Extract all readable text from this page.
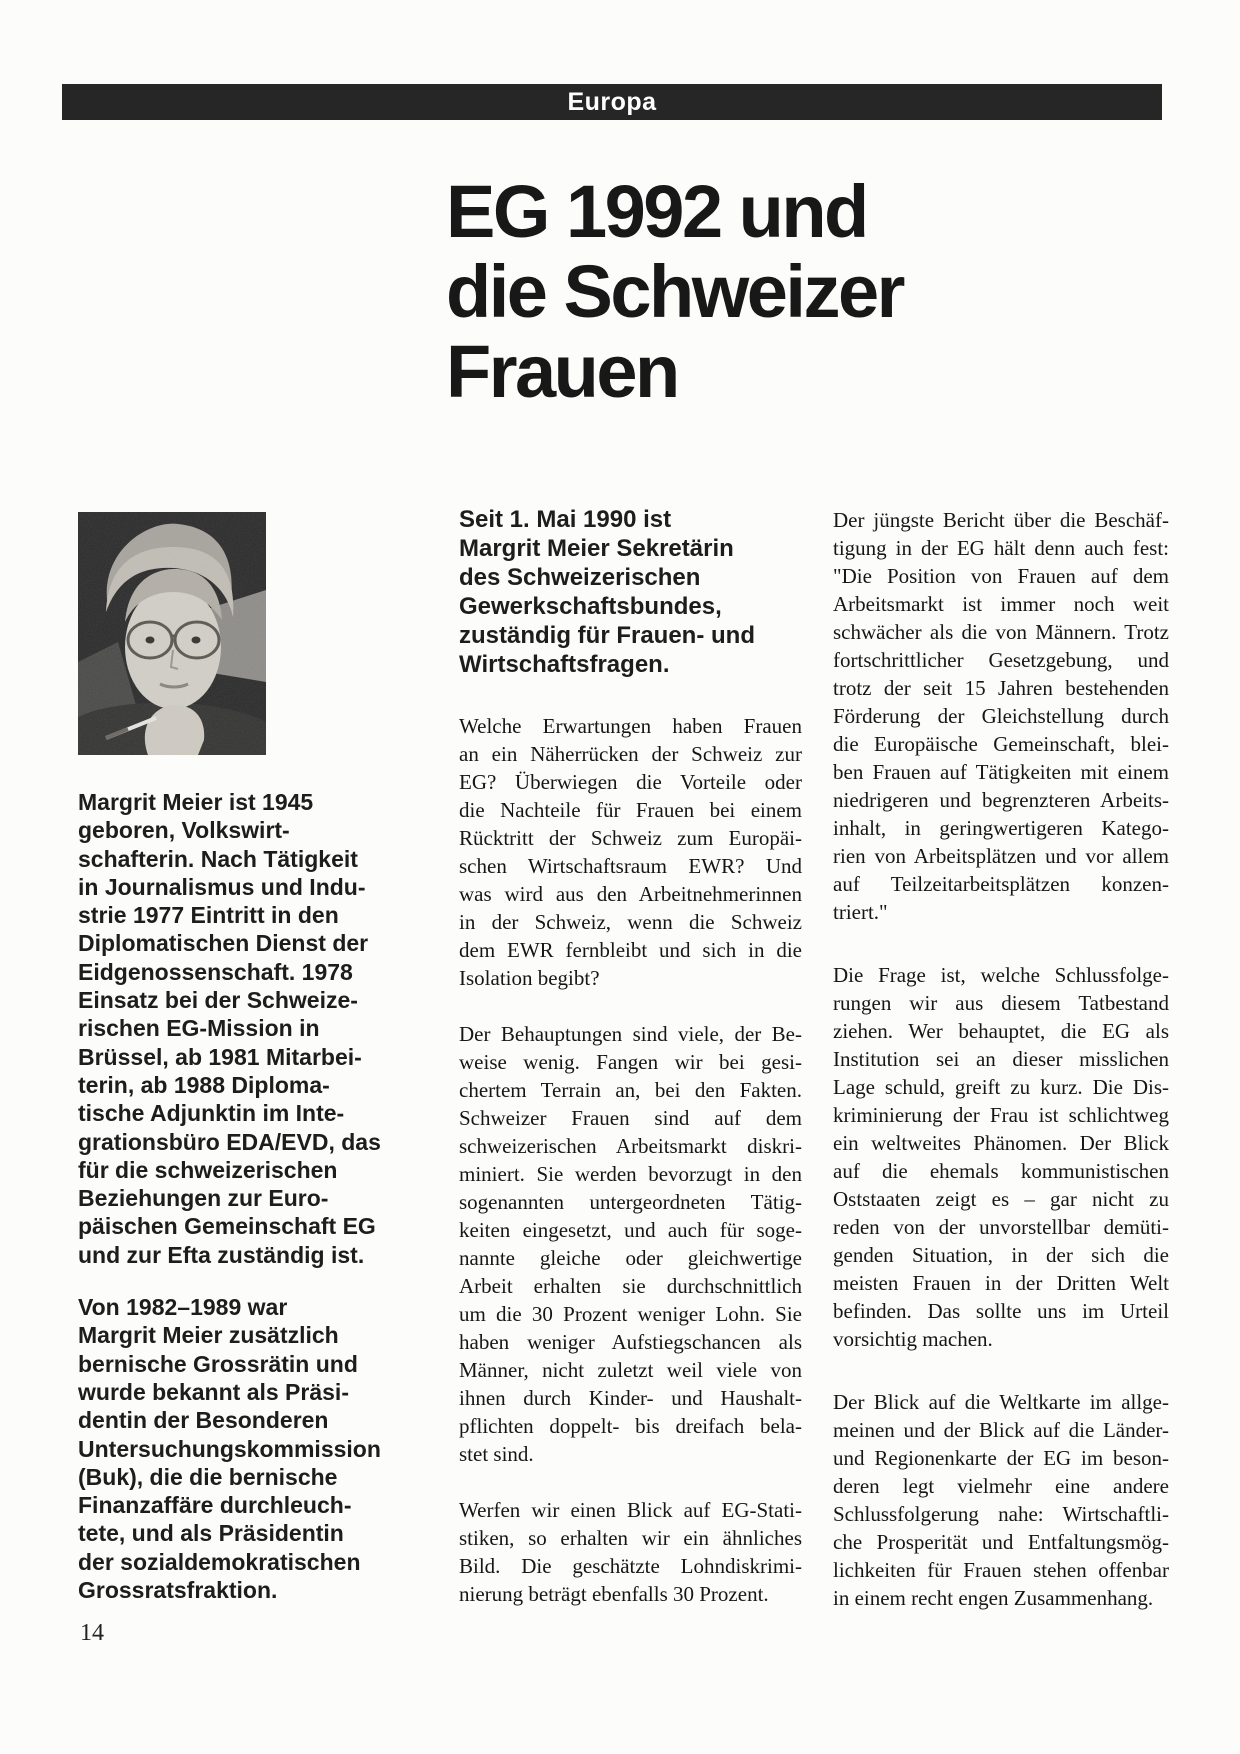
Europa
EG 1992 und
die Schweizer
Frauen
Margrit Meier ist 1945
geboren, Volkswirt-
schafterin. Nach Tätigkeit
in Journalismus und Indu-
strie 1977 Eintritt in den
Diplomatischen Dienst der
Eidgenossenschaft. 1978
Einsatz bei der Schweize-
rischen EG-Mission in
Brüssel, ab 1981 Mitarbei-
terin, ab 1988 Diploma-
tische Adjunktin im Inte-
grationsbüro EDA/EVD, das
für die schweizerischen
Beziehungen zur Euro-
päischen Gemeinschaft EG
und zur Efta zuständig ist.
Von 1982–1989 war
Margrit Meier zusätzlich
bernische Grossrätin und
wurde bekannt als Präsi-
dentin der Besonderen
Untersuchungskommission
(Buk), die die bernische
Finanzaffäre durchleuch-
tete, und als Präsidentin
der sozialdemokratischen
Grossratsfraktion.
Seit 1. Mai 1990 ist
Margrit Meier Sekretärin
des Schweizerischen
Gewerkschaftsbundes,
zuständig für Frauen- und
Wirtschaftsfragen.
Welche Erwartungen haben Frauen
an ein Näherrücken der Schweiz zur
EG? Überwiegen die Vorteile oder
die Nachteile für Frauen bei einem
Rücktritt der Schweiz zum Europäi-
schen Wirtschaftsraum EWR? Und
was wird aus den Arbeitnehmerinnen
in der Schweiz, wenn die Schweiz
dem EWR fernbleibt und sich in die
Isolation begibt?
Der Behauptungen sind viele, der Be-
weise wenig. Fangen wir bei gesi-
chertem Terrain an, bei den Fakten.
Schweizer Frauen sind auf dem
schweizerischen Arbeitsmarkt diskri-
miniert. Sie werden bevorzugt in den
sogenannten untergeordneten Tätig-
keiten eingesetzt, und auch für soge-
nannte gleiche oder gleichwertige
Arbeit erhalten sie durchschnittlich
um die 30 Prozent weniger Lohn. Sie
haben weniger Aufstiegschancen als
Männer, nicht zuletzt weil viele von
ihnen durch Kinder- und Haushalt-
pflichten doppelt- bis dreifach bela-
stet sind.
Werfen wir einen Blick auf EG-Stati-
stiken, so erhalten wir ein ähnliches
Bild. Die geschätzte Lohndiskrimi-
nierung beträgt ebenfalls 30 Prozent.
Der jüngste Bericht über die Beschäf-
tigung in der EG hält denn auch fest:
"Die Position von Frauen auf dem
Arbeitsmarkt ist immer noch weit
schwächer als die von Männern. Trotz
fortschrittlicher Gesetzgebung, und
trotz der seit 15 Jahren bestehenden
Förderung der Gleichstellung durch
die Europäische Gemeinschaft, blei-
ben Frauen auf Tätigkeiten mit einem
niedrigeren und begrenzteren Arbeits-
inhalt, in geringwertigeren Katego-
rien von Arbeitsplätzen und vor allem
auf Teilzeitarbeitsplätzen konzen-
triert."
Die Frage ist, welche Schlussfolge-
rungen wir aus diesem Tatbestand
ziehen. Wer behauptet, die EG als
Institution sei an dieser misslichen
Lage schuld, greift zu kurz. Die Dis-
kriminierung der Frau ist schlichtweg
ein weltweites Phänomen. Der Blick
auf die ehemals kommunistischen
Oststaaten zeigt es – gar nicht zu
reden von der unvorstellbar demüti-
genden Situation, in der sich die
meisten Frauen in der Dritten Welt
befinden. Das sollte uns im Urteil
vorsichtig machen.
Der Blick auf die Weltkarte im allge-
meinen und der Blick auf die Länder-
und Regionenkarte der EG im beson-
deren legt vielmehr eine andere
Schlussfolgerung nahe: Wirtschaftli-
che Prosperität und Entfaltungsmög-
lichkeiten für Frauen stehen offenbar
in einem recht engen Zusammenhang.
14
